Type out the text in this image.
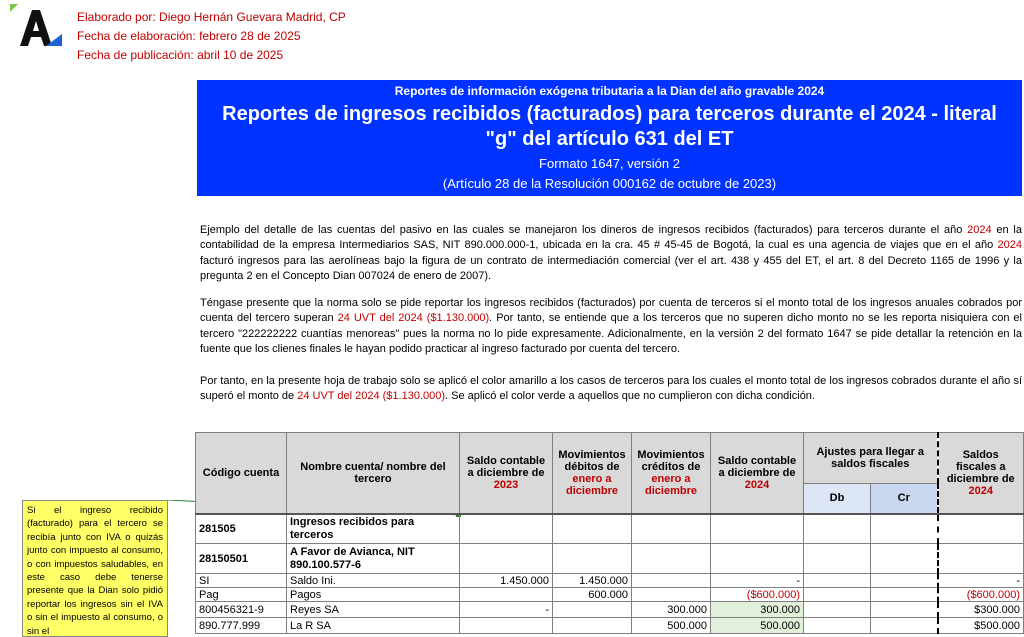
Elaborado por: Diego Hernán Guevara Madrid, CP
Fecha de elaboración: febrero 28 de 2025
Fecha de publicación: abril 10 de 2025
Reportes de información exógena tributaria a la Dian del año gravable 2024
Reportes de ingresos recibidos (facturados) para terceros durante el 2024 - literal
"g" del artículo 631 del ET
Formato 1647, versión 2
(Artículo 28 de la Resolución 000162 de octubre de 2023)
Ejemplo del detalle de las cuentas del pasivo en las cuales se manejaron los dineros de ingresos recibidos (facturados) para terceros durante el año 2024 en la contabilidad de la empresa Intermediarios SAS, NIT 890.000.000-1, ubicada en la cra. 45 # 45-45 de Bogotá, la cual es una agencia de viajes que en el año 2024 facturó ingresos para las aerolíneas bajo la figura de un contrato de intermediación comercial (ver el art. 438 y 455 del ET, el art. 8 del Decreto 1165 de 1996 y la pregunta 2 en el Concepto Dian 007024 de enero de 2007).
Téngase presente que la norma solo se pide reportar los ingresos recibidos (facturados) por cuenta de terceros si el monto total de los ingresos anuales cobrados por cuenta del tercero superan 24 UVT del 2024 ($1.130.000). Por tanto, se entiende que a los terceros que no superen dicho monto no se les reporta nisiquiera con el tercero "222222222 cuantías menoreas" pues la norma no lo pide expresamente. Adicionalmente, en la versión 2 del formato 1647 se pide detallar la retención en la fuente que los clienes finales le hayan podido practicar al ingreso facturado por cuenta del tercero.
Por tanto, en la presente hoja de trabajo solo se aplicó el color amarillo a los casos de terceros para los cuales el monto total de los ingresos cobrados durante el año sí superó el monto de 24 UVT del 2024 ($1.130.000). Se aplicó el color verde a aquellos que no cumplieron con dicha condición.
Si el ingreso recibido (facturado) para el tercero se recibía junto con IVA o quizás junto con impuesto al consumo, o con impuestos saludables, en este caso debe tenerse presente que la Dian solo pidió reportar los ingresos sin el IVA o sin el impuesto al consumo, o sin el
Código cuenta	Nombre cuenta/ nombre del tercero	Saldo contable a diciembre de
2023	Movimientos débitos de
enero a diciembre	Movimientos créditos de
enero a diciembre	Saldo contable a diciembre de
2024	Ajustes para llegar a saldos fiscales		Saldos fiscales a diciembre de
2024
						Db	Cr	
281505	Ingresos recibidos para terceros							
28150501	A Favor de Avianca, NIT 890.100.577-6							
SI	Saldo Ini.	1.450.000	1.450.000		-			-
Pag	Pagos		600.000		($600.000)			($600.000)
800456321-9	Reyes SA	-		300.000	300.000			$300.000
890.777.999	La R SA			500.000	500.000			$500.000
